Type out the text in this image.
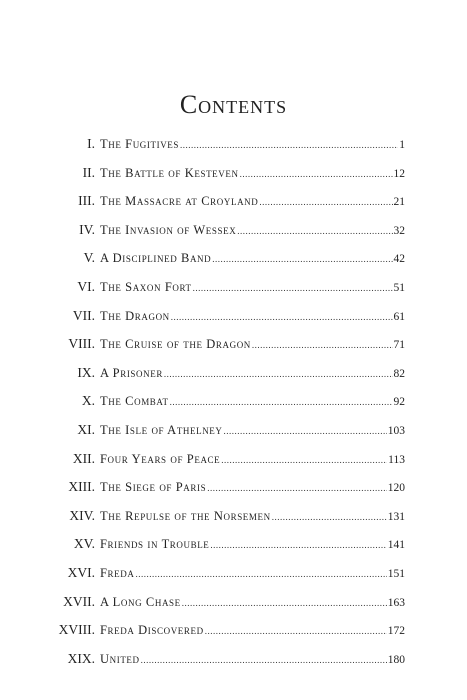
Contents
I. The Fugitives .....	1
II. The Battle of Kesteven .....	12
III. The Massacre at Croyland .....	21
IV. The Invasion of Wessex .....	32
V. A Disciplined Band .....	42
VI. The Saxon Fort .....	51
VII. The Dragon .....	61
VIII. The Cruise of the Dragon .....	71
IX. A Prisoner .....	82
X. The Combat .....	92
XI. The Isle of Athelney .....	103
XII. Four Years of Peace .....	113
XIII. The Siege of Paris .....	120
XIV. The Repulse of the Norsemen .....	131
XV. Friends in Trouble .....	141
XVI. Freda .....	151
XVII. A Long Chase .....	163
XVIII. Freda Discovered .....	172
XIX. United .....	180
